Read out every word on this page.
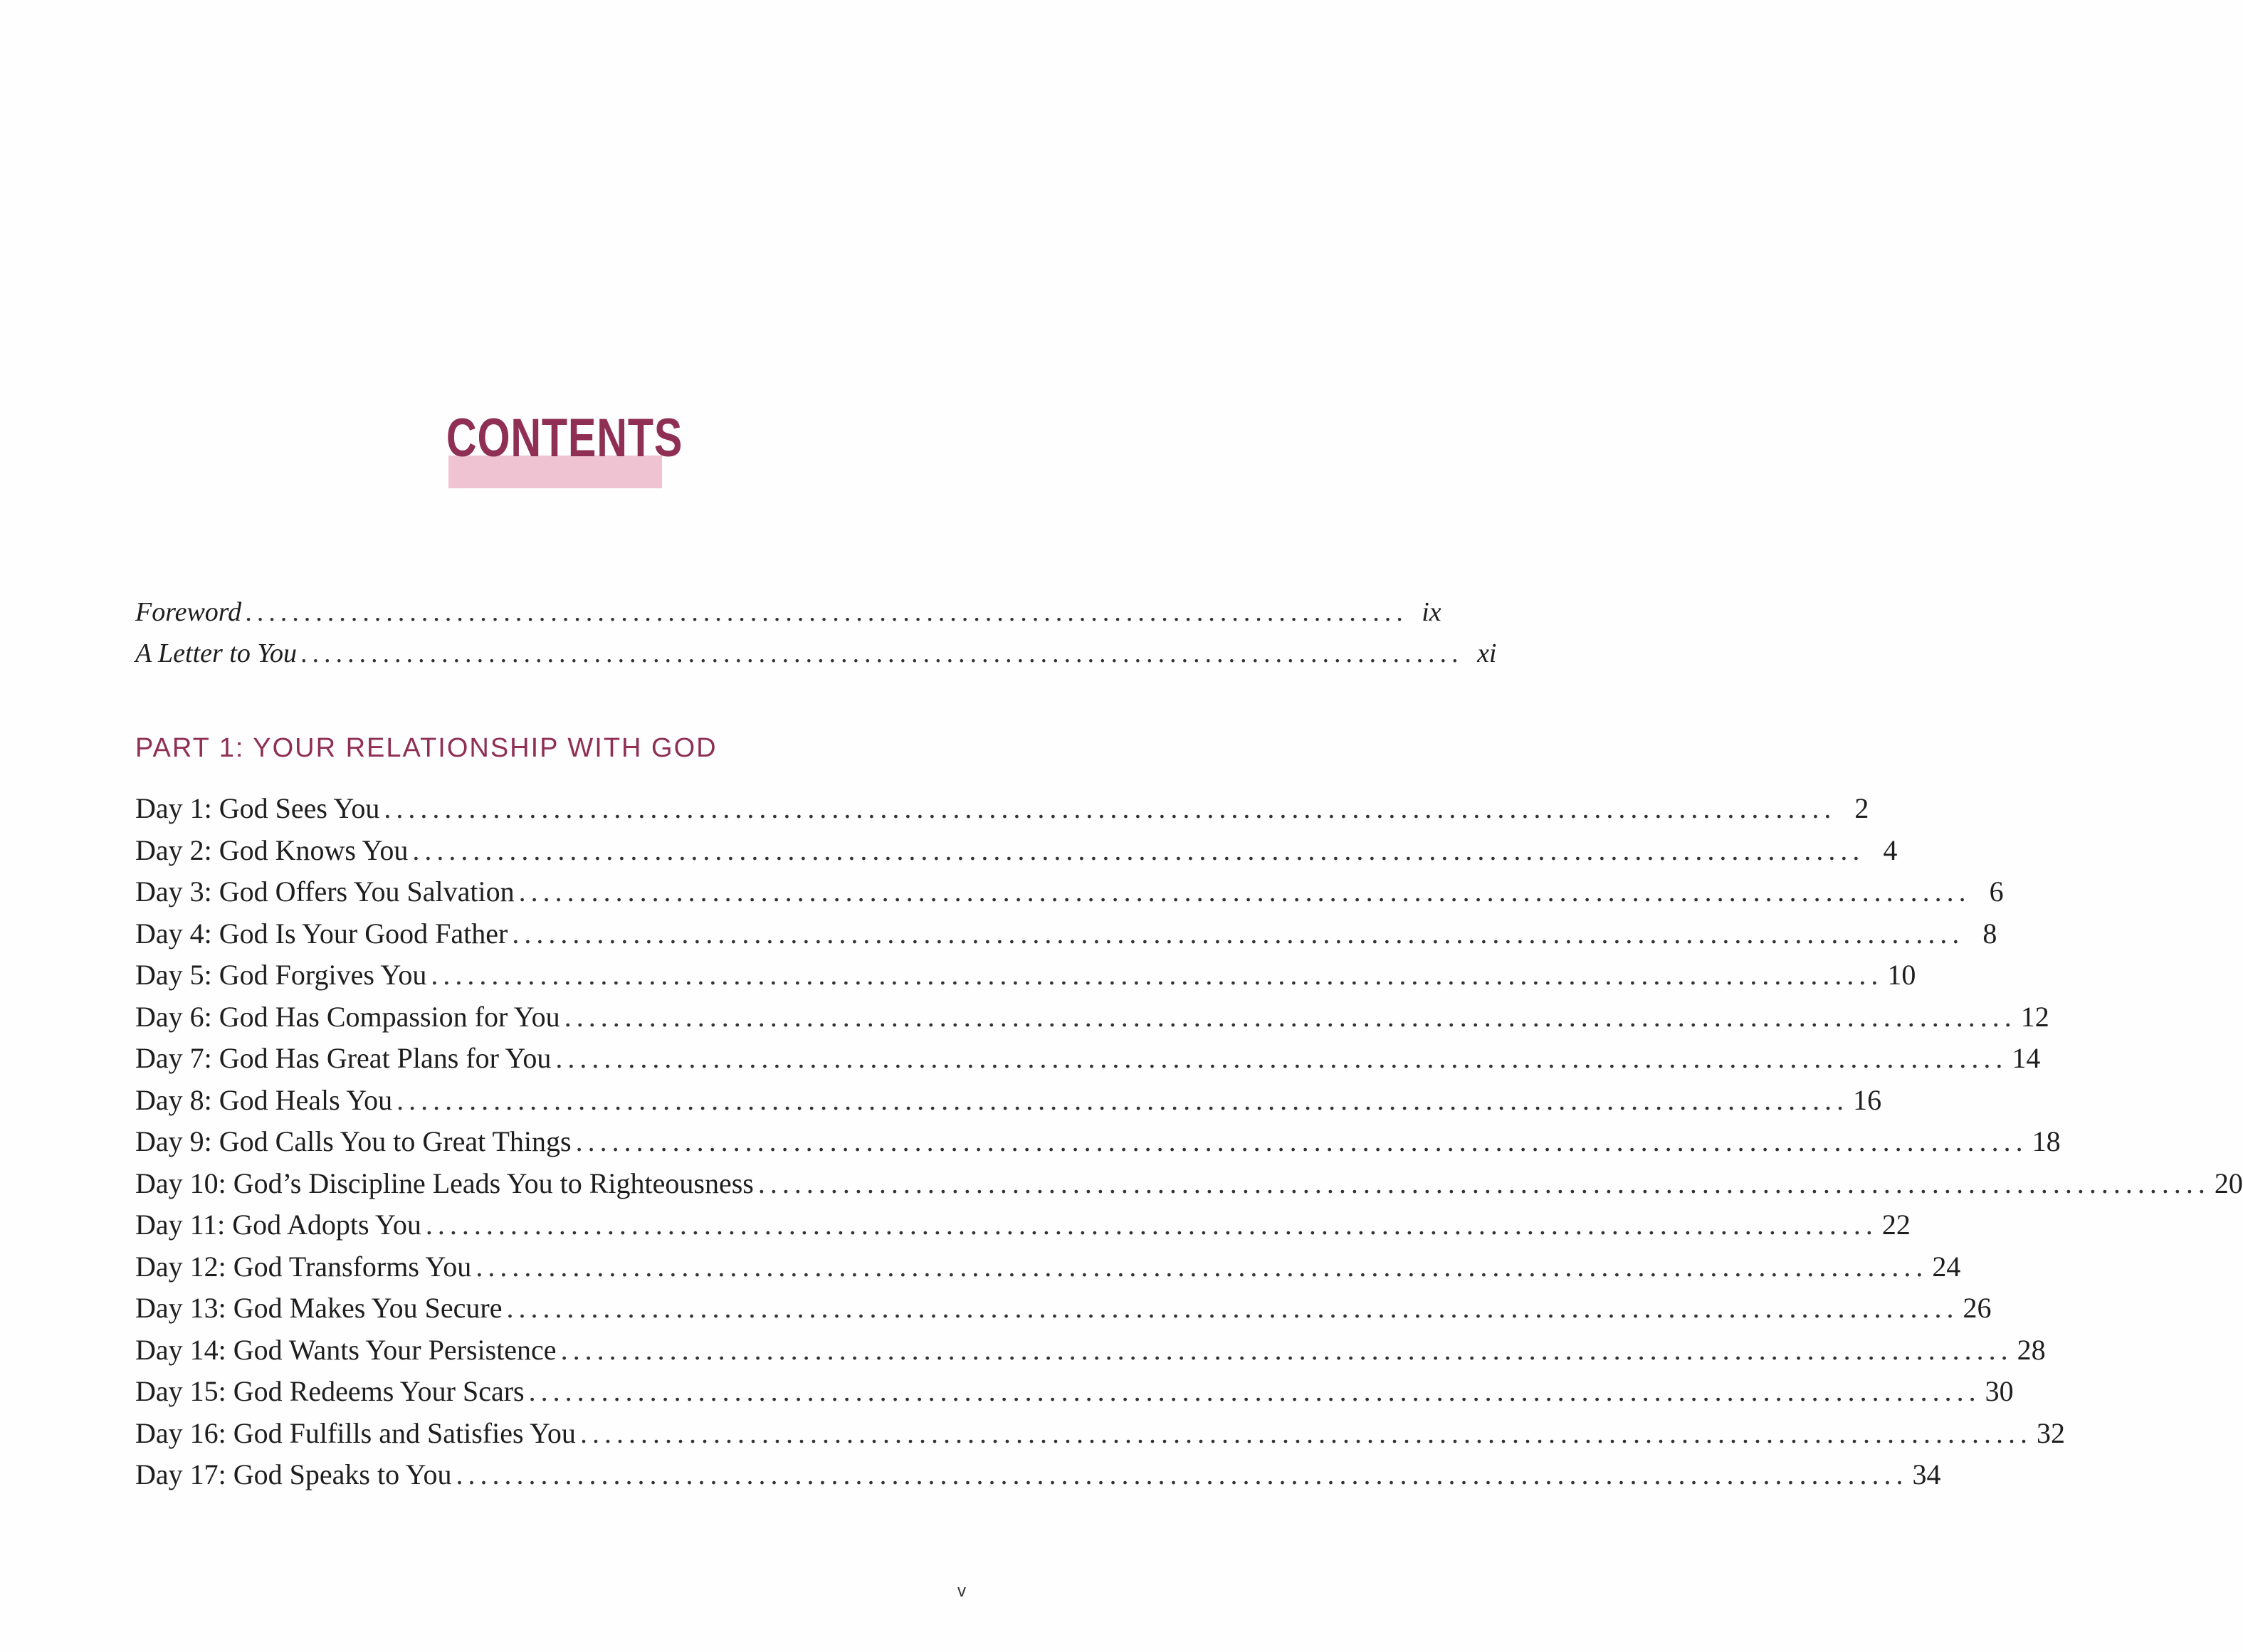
CONTENTS
Foreword ................................................................................................... ix
A Letter to You ................................................................................................... xi
PART 1: YOUR RELATIONSHIP WITH GOD
Day 1: God Sees You ........................................................................................................................ 2
Day 2: God Knows You ........................................................................................................................ 4
Day 3: God Offers You Salvation ........................................................................................................................ 6
Day 4: God Is Your Good Father ........................................................................................................................ 8
Day 5: God Forgives You ........................................................................................................................ 10
Day 6: God Has Compassion for You ........................................................................................................................ 12
Day 7: God Has Great Plans for You ........................................................................................................................ 14
Day 8: God Heals You ........................................................................................................................ 16
Day 9: God Calls You to Great Things ........................................................................................................................ 18
Day 10: God’s Discipline Leads You to Righteousness ........................................................................................................................ 20
Day 11: God Adopts You ........................................................................................................................ 22
Day 12: God Transforms You ........................................................................................................................ 24
Day 13: God Makes You Secure ........................................................................................................................ 26
Day 14: God Wants Your Persistence ........................................................................................................................ 28
Day 15: God Redeems Your Scars ........................................................................................................................ 30
Day 16: God Fulfills and Satisfies You ........................................................................................................................ 32
Day 17: God Speaks to You ........................................................................................................................ 34
v
